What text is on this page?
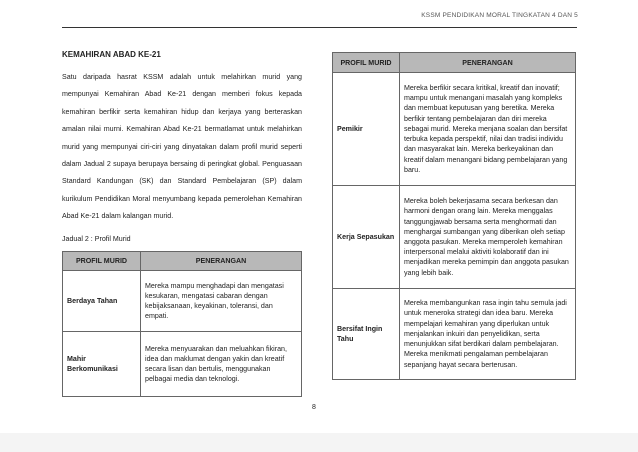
KSSM PENDIDIKAN MORAL TINGKATAN 4 DAN 5
KEMAHIRAN ABAD KE-21

Satu daripada hasrat KSSM adalah untuk melahirkan murid yang mempunyai Kemahiran Abad Ke-21 dengan memberi fokus kepada kemahiran berfikir serta kemahiran hidup dan kerjaya yang berteraskan amalan nilai murni. Kemahiran Abad Ke-21 bermatlamat untuk melahirkan murid yang mempunyai ciri-ciri yang dinyatakan dalam profil murid seperti dalam Jadual 2 supaya berupaya bersaing di peringkat global. Penguasaan Standard Kandungan (SK) dan Standard Pembelajaran (SP) dalam kurikulum Pendidikan Moral menyumbang kepada pemerolehan Kemahiran Abad Ke-21 dalam kalangan murid.

Jadual 2 : Profil Murid

PROFIL MURID	PENERANGAN
Berdaya Tahan	Mereka mampu menghadapi dan mengatasi kesukaran, mengatasi cabaran dengan kebijaksanaan, keyakinan, toleransi, dan empati.
Mahir Berkomunikasi	Mereka menyuarakan dan meluahkan fikiran, idea dan maklumat dengan yakin dan kreatif secara lisan dan bertulis, menggunakan pelbagai media dan teknologi.
PROFIL MURID	PENERANGAN
Pemikir	Mereka berfikir secara kritikal, kreatif dan inovatif; mampu untuk menangani masalah yang kompleks dan membuat keputusan yang beretika. Mereka berfikir tentang pembelajaran dan diri mereka sebagai murid. Mereka menjana soalan dan bersifat terbuka kepada perspektif, nilai dan tradisi individu dan masyarakat lain. Mereka berkeyakinan dan kreatif dalam menangani bidang pembelajaran yang baru.
Kerja Sepasukan	Mereka boleh bekerjasama secara berkesan dan harmoni dengan orang lain. Mereka menggalas tanggungjawab bersama serta menghormati dan menghargai sumbangan yang diberikan oleh setiap anggota pasukan. Mereka memperoleh kemahiran interpersonal melalui aktiviti kolaboratif dan ini menjadikan mereka pemimpin dan anggota pasukan yang lebih baik.
Bersifat Ingin Tahu	Mereka membangunkan rasa ingin tahu semula jadi untuk meneroka strategi dan idea baru. Mereka mempelajari kemahiran yang diperlukan untuk menjalankan inkuiri dan penyelidikan, serta menunjukkan sifat berdikari dalam pembelajaran. Mereka menikmati pengalaman pembelajaran sepanjang hayat secara berterusan.
8
